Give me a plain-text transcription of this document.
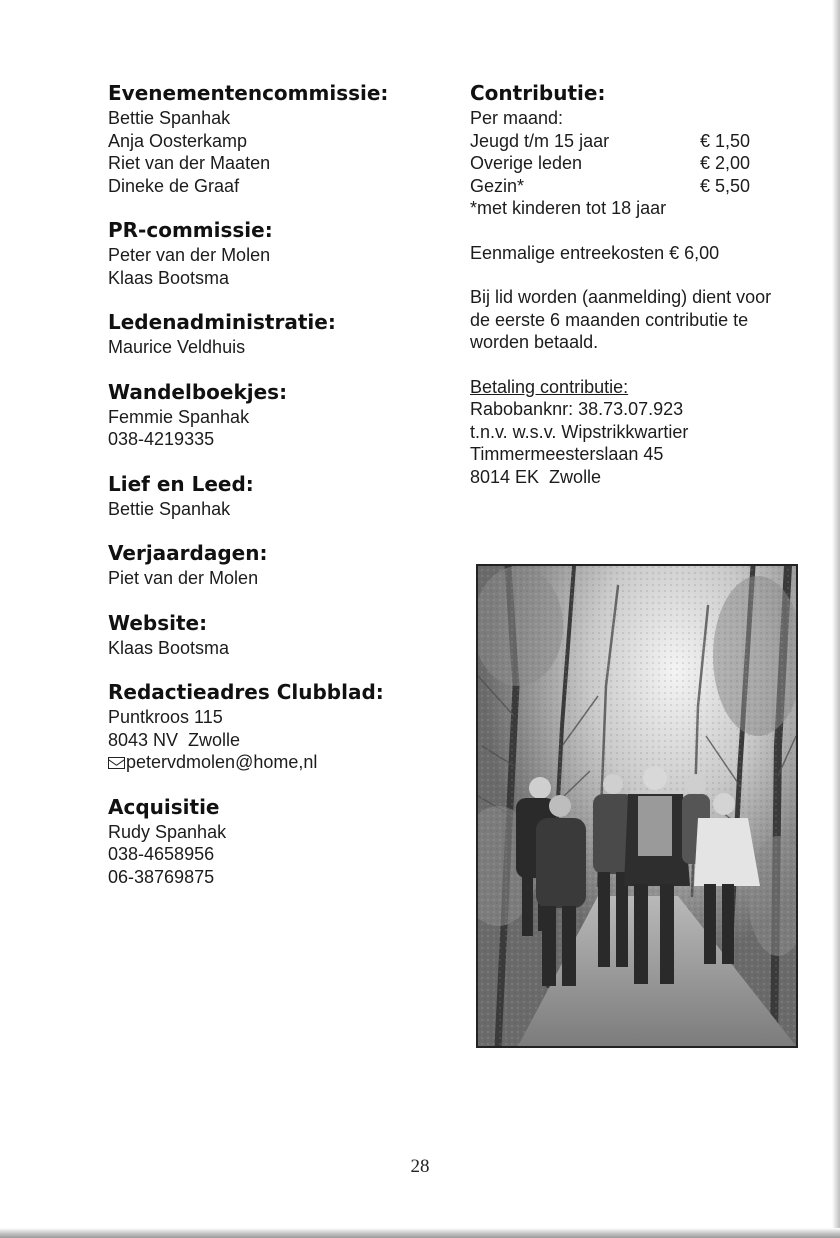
Evenementencommissie:
Bettie Spanhak
Anja Oosterkamp
Riet van der Maaten
Dineke de Graaf
PR-commissie:
Peter van der Molen
Klaas Bootsma
Ledenadministratie:
Maurice Veldhuis
Wandelboekjes:
Femmie Spanhak
038-4219335
Lief en Leed:
Bettie Spanhak
Verjaardagen:
Piet van der Molen
Website:
Klaas Bootsma
Redactieadres Clubblad:
Puntkroos 115
8043 NV  Zwolle
petervdmolen@home,nl
Acquisitie
Rudy Spanhak
038-4658956
06-38769875
Contributie:
Per maand:
Jeugd t/m 15 jaar	€ 1,50
Overige leden	€ 2,00
Gezin*	€ 5,50
*met kinderen tot 18 jaar
Eenmalige entreekosten € 6,00
Bij lid worden (aanmelding) dient voor
de eerste 6 maanden contributie te
worden betaald.
Betaling contributie:
Rabobanknr: 38.73.07.923
t.n.v. w.s.v. Wipstrikkwartier
Timmermeesterslaan 45
8014 EK  Zwolle
28
